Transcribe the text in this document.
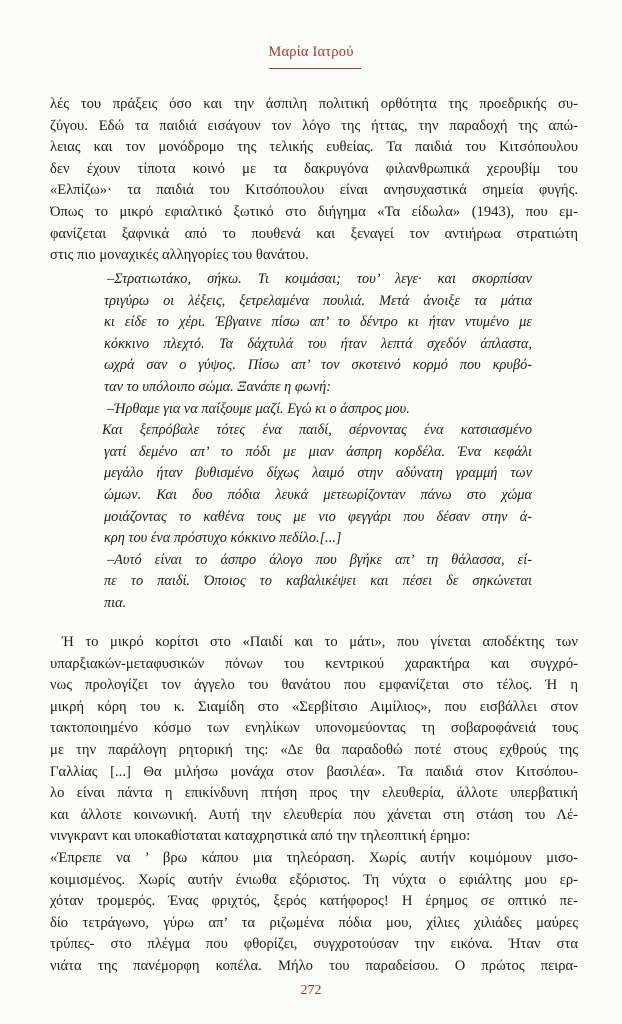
Μαρία Ιατρού
λές του πράξεις όσο και την άσπιλη πολιτική ορθότητα της προεδρικής συ-
ζύγου. Εδώ τα παιδιά εισάγουν τον λόγο της ήττας, την παραδοχή της απώ-
λειας και τον μονόδρομο της τελικής ευθείας. Τα παιδιά του Κιτσόπουλου
δεν έχουν τίποτα κοινό με τα δακρυγόνα φιλανθρωπικά χερουβίμ του
«Ελπίζω»· τα παιδιά του Κιτσόπουλου είναι ανησυχαστικά σημεία φυγής.
Όπως το μικρό εφιαλτικό ξωτικό στο διήγημα «Τα είδωλα» (1943), που εμ-
φανίζεται ξαφνικά από το πουθενά και ξεναγεί τον αντιήρωα στρατιώτη
στις πιο μοναχικές αλληγορίες του θανάτου.
–Στρατιωτάκο, σήκω. Τι κοιμάσαι; του’ λεγε· και σκορπίσαν
τριγύρω οι λέξεις, ξετρελαμένα πουλιά. Μετά άνοιξε τα μάτια
κι είδε το χέρι. Έβγαινε πίσω απ’ το δέντρο κι ήταν ντυμένο με
κόκκινο πλεχτό. Τα δάχτυλά του ήταν λεπτά σχεδόν άπλαστα,
ωχρά σαν ο γύψος. Πίσω απ’ τον σκοτεινό κορμό που κρυβό-
ταν το υπόλοιπο σώμα. Ξανάπε η φωνή:
–Ήρθαμε για να παίξουμε μαζί. Εγώ κι ο άσπρος μου.
Και ξεπρόβαλε τότες ένα παιδί, σέρνοντας ένα κατσιασμένο
γατί δεμένο απ’ το πόδι με μιαν άσπρη κορδέλα. Ένα κεφάλι
μεγάλο ήταν βυθισμένο δίχως λαιμό στην αδύνατη γραμμή των
ώμων. Και δυο πόδια λευκά μετεωρίζονταν πάνω στο χώμα
μοιάζοντας το καθένα τους με νιο φεγγάρι που δέσαν στην ά-
κρη του ένα πρόστυχο κόκκινο πεδίλο.[...]
–Αυτό είναι το άσπρο άλογο που βγήκε απ’ τη θάλασσα, εί-
πε το παιδί. Όποιος το καβαλικέψει και πέσει δε σηκώνεται
πια.
Ή το μικρό κορίτσι στο «Παιδί και το μάτι», που γίνεται αποδέκτης των
υπαρξιακών-μεταφυσικών πόνων του κεντρικού χαρακτήρα και συγχρό-
νως προλογίζει τον άγγελο του θανάτου που εμφανίζεται στο τέλος. Ή η
μικρή κόρη του κ. Σιαμίδη στο «Σερβίτσιο Αιμίλιος», που εισβάλλει στον
τακτοποιημένο κόσμο των ενηλίκων υπονομεύοντας τη σοβαροφάνειά τους
με την παράλογη ρητορική της: «Δε θα παραδοθώ ποτέ στους εχθρούς της
Γαλλίας [...] Θα μιλήσω μονάχα στον βασιλέα». Τα παιδιά στον Κιτσόπου-
λο είναι πάντα η επικίνδυνη πτήση προς την ελευθερία, άλλοτε υπερβατική
και άλλοτε κοινωνική. Αυτή την ελευθερία που χάνεται στη στάση του Λέ-
νινγκραντ και υποκαθίσταται καταχρηστικά από την τηλεοπτική έρημο:
«Έπρεπε να ’ βρω κάπου μια τηλεόραση. Χωρίς αυτήν κοιμόμουν μισο-
κοιμισμένος. Χωρίς αυτήν ένιωθα εξόριστος. Τη νύχτα ο εφιάλτης μου ερ-
χόταν τρομερός. Ένας φριχτός, ξερός κατήφορος! Η έρημος σε οπτικό πε-
δίο τετράγωνο, γύρω απ’ τα ριζωμένα πόδια μου, χίλιες χιλιάδες μαύρες
τρύπες- στο πλέγμα που φθορίζει, συγχροτούσαν την εικόνα. Ήταν στα
νιάτα της πανέμορφη κοπέλα. Μήλο του παραδείσου. Ο πρώτος πειρα-
272
